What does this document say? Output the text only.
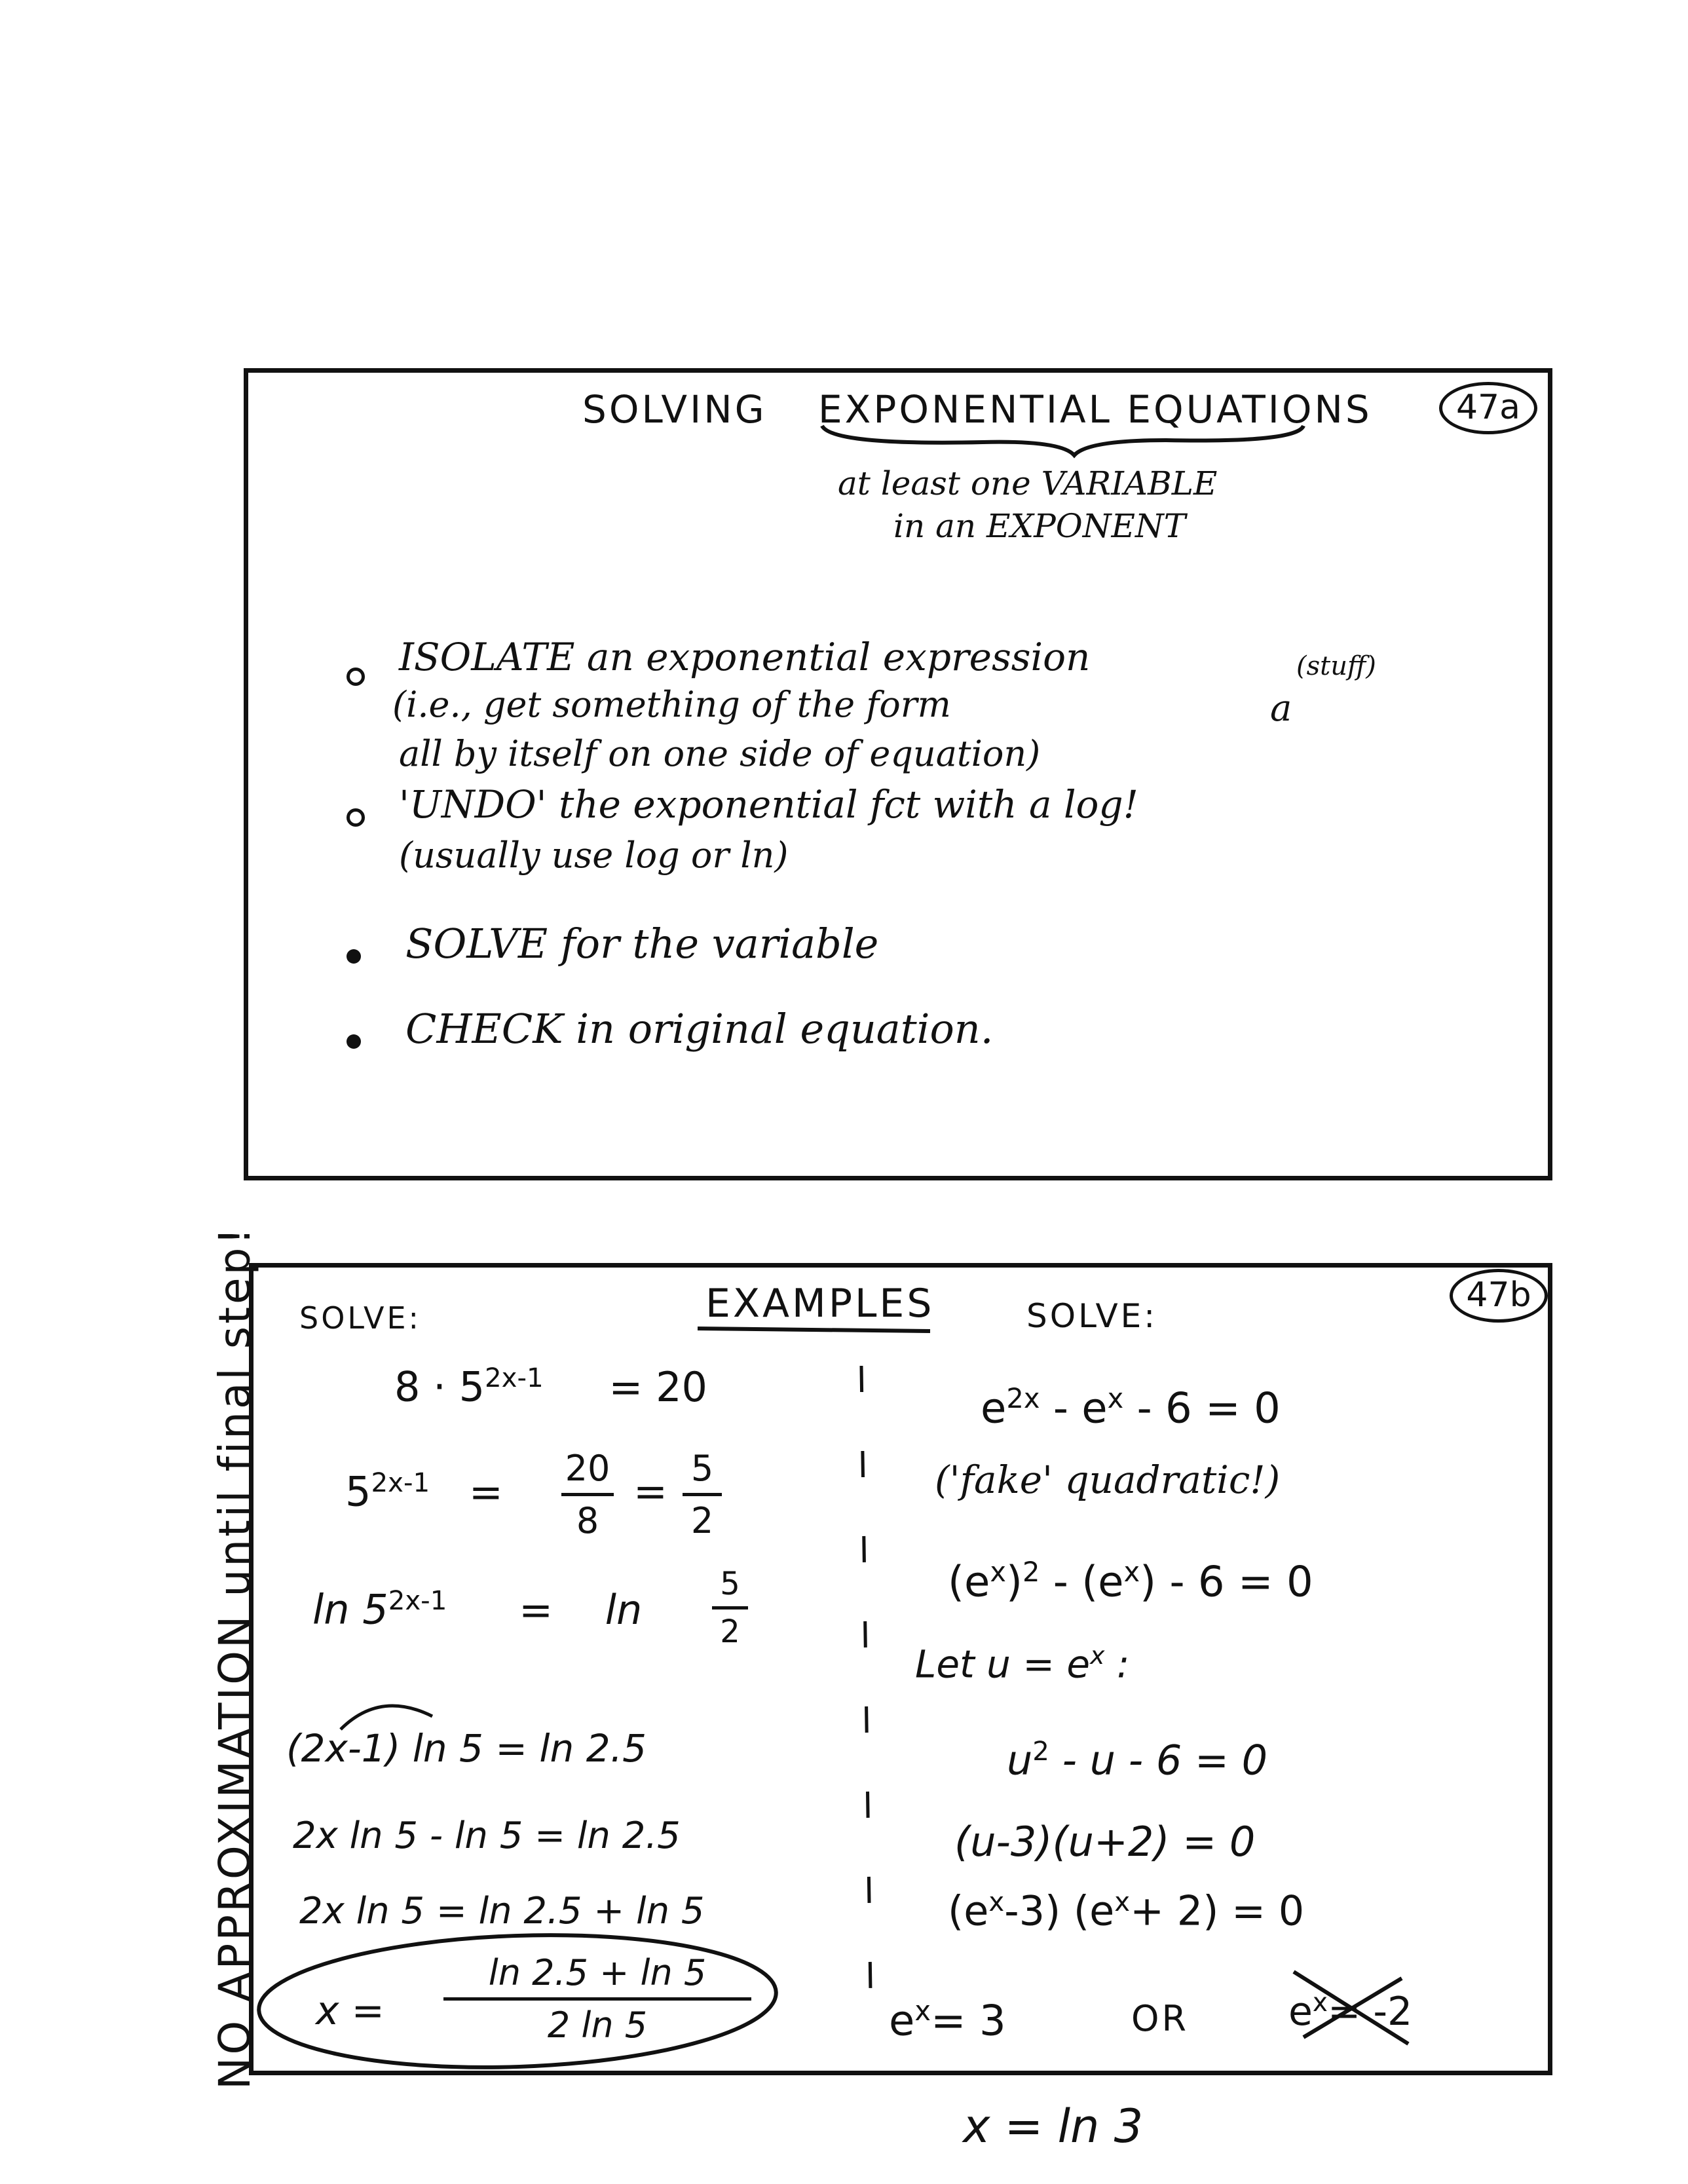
NO APPROXIMATION until final step!
47a
SOLVING EXPONENTIAL EQUATIONS
at least one VARIABLE
in an EXPONENT
ISOLATE an exponential expression
(i.e., get something of the form	a
(stuff)
all by itself on one side of equation)
'UNDO' the exponential fct with a log!
(usually use log or ln)
SOLVE for the variable
CHECK in original equation.
47b
EXAMPLES
SOLVE:
$8 \cdot 5^{2x-1} = 20$
$5^{2x-1} = 20$
8
= 5
2
$\ln 5^{2x-1} = \ln$
5
2
(2x-1) ln 5 = ln 2.5
2x ln 5 - ln 5 = ln 2.5
2x ln 5 = ln 2.5 + ln 5
x =
ln 2.5 + ln 5
2 ln 5
SOLVE:
$e^{2x} - e^x - 6 = 0$
('fake' quadratic!)
$(e^x)^2 - (e^x) - 6 = 0$
Let $u = e^x$ :
$u^2 - u - 6 = 0$
(u-3)(u+2) = 0
$(e^x-3)$ $(e^x+ 2) = 0$
$e^x= 3$	OR	$e^x= -2$
x = ln 3
